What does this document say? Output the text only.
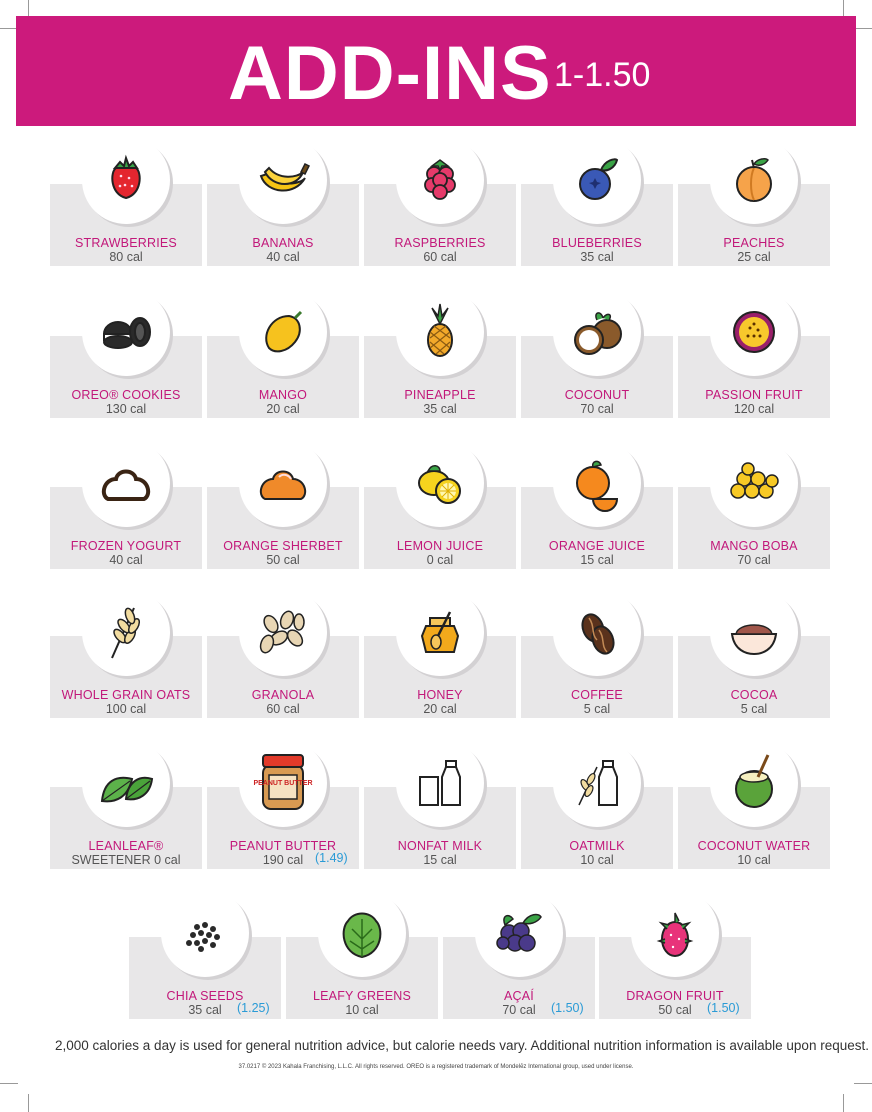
ADD-INS 1-1.50
STRAWBERRIES
80 cal
BANANAS
40 cal
RASPBERRIES
60 cal
BLUEBERRIES
35 cal
PEACHES
25 cal
OREO® COOKIES
130 cal
MANGO
20 cal
PINEAPPLE
35 cal
COCONUT
70 cal
PASSION FRUIT
120 cal
FROZEN YOGURT
40 cal
ORANGE SHERBET
50 cal
LEMON JUICE
0 cal
ORANGE JUICE
15 cal
MANGO BOBA
70 cal
WHOLE GRAIN OATS
100 cal
GRANOLA
60 cal
HONEY
20 cal
COFFEE
5 cal
COCOA
5 cal
LEANLEAF®
SWEETENER 0 cal
PEANUT BUTTER
PEANUT BUTTER
190 cal (1.49)
NONFAT MILK
15 cal
OATMILK
10 cal
COCONUT WATER
10 cal
CHIA SEEDS
35 cal	(1.25)
LEAFY GREENS
10 cal
AÇAÍ
70 cal	(1.50)
DRAGON FRUIT
50 cal	(1.50)
2,000 calories a day is used for general nutrition advice, but calorie needs vary. Additional nutrition information is available upon request.
37.0217 © 2023 Kahala Franchising, L.L.C. All rights reserved. OREO is a registered trademark of Mondelēz International group, used under license.
